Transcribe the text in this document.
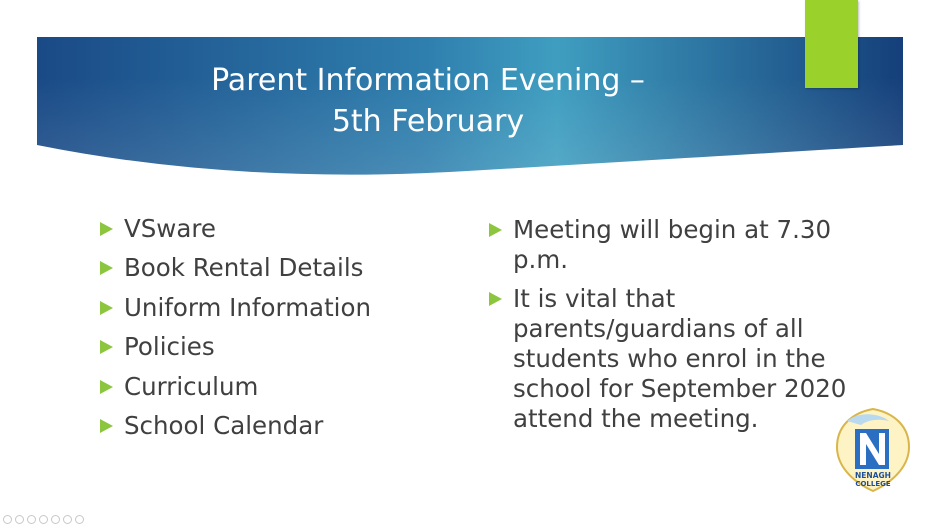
Parent Information Evening –
5th February
VSware
Book Rental Details
Uniform Information
Policies
Curriculum
School Calendar
Meeting will begin at 7.30 p.m.
It is vital that parents/guardians of all students who enrol in the school for September 2020 attend the meeting.
NENAGH
COLLEGE
